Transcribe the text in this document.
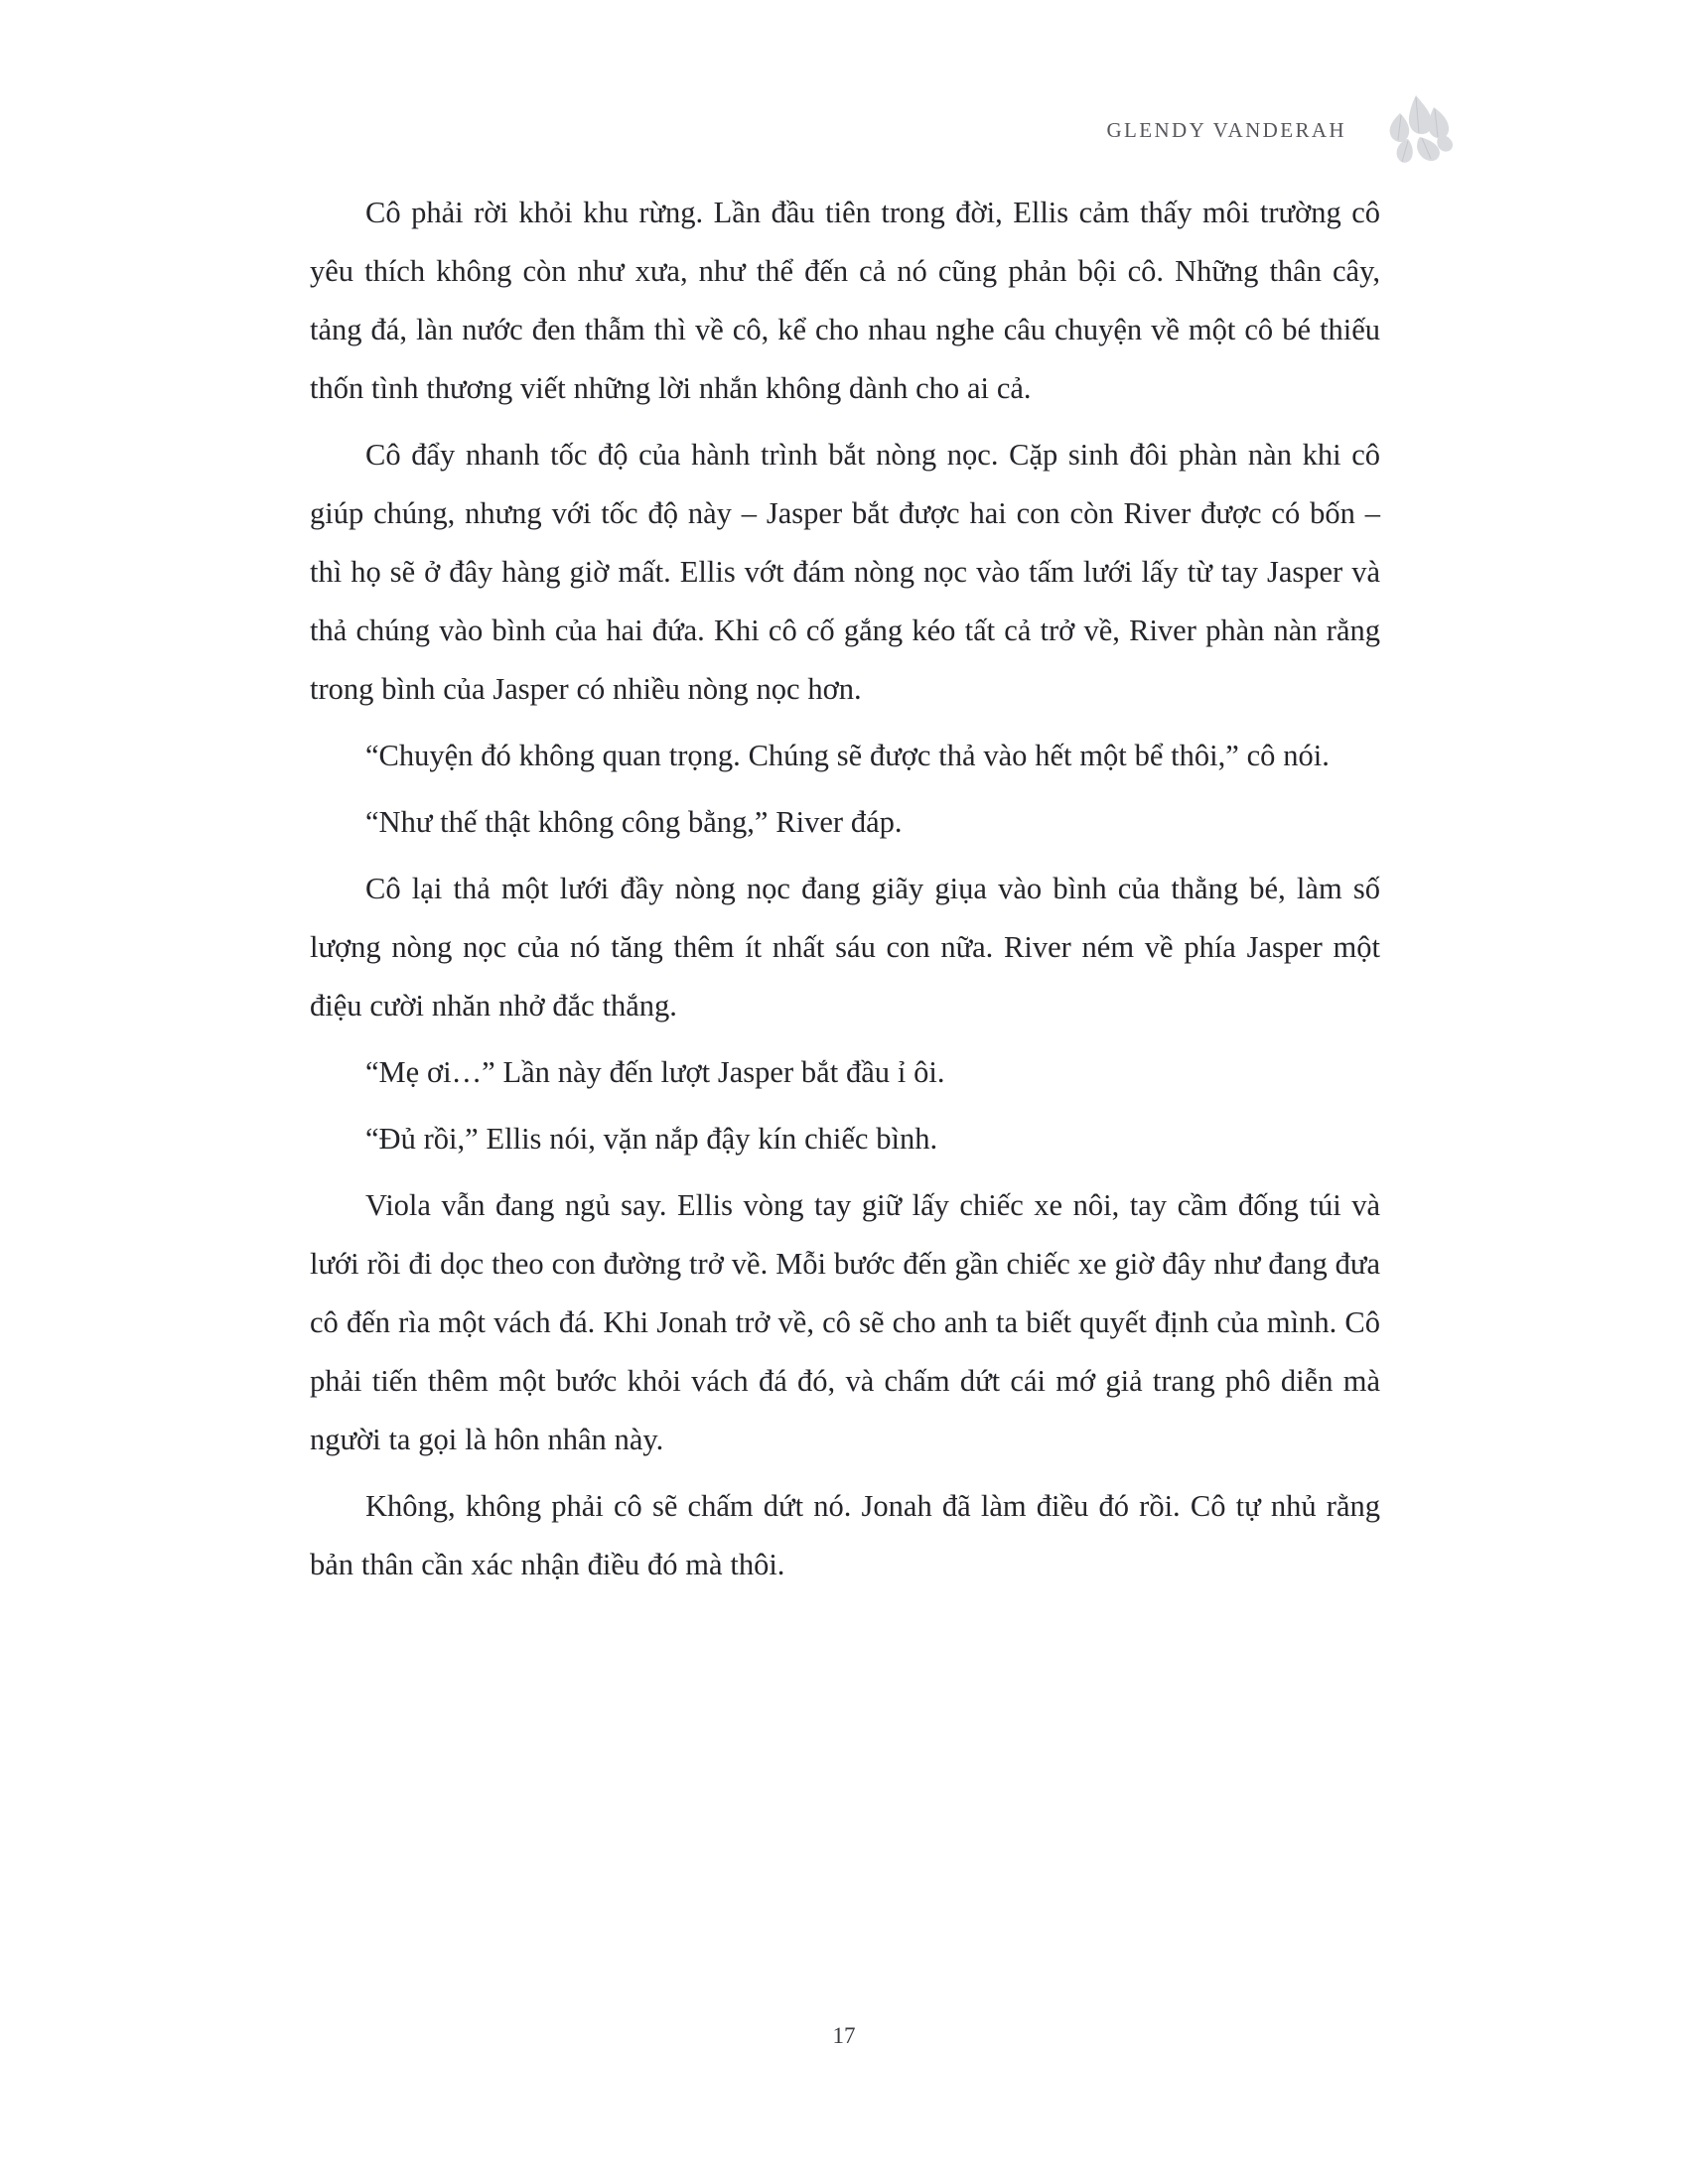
GLENDY VANDERAH

Cô phải rời khỏi khu rừng. Lần đầu tiên trong đời, Ellis cảm thấy môi trường cô yêu thích không còn như xưa, như thể đến cả nó cũng phản bội cô. Những thân cây, tảng đá, làn nước đen thẫm thì về cô, kể cho nhau nghe câu chuyện về một cô bé thiếu thốn tình thương viết những lời nhắn không dành cho ai cả.

Cô đẩy nhanh tốc độ của hành trình bắt nòng nọc. Cặp sinh đôi phàn nàn khi cô giúp chúng, nhưng với tốc độ này – Jasper bắt được hai con còn River được có bốn – thì họ sẽ ở đây hàng giờ mất. Ellis vớt đám nòng nọc vào tấm lưới lấy từ tay Jasper và thả chúng vào bình của hai đứa. Khi cô cố gắng kéo tất cả trở về, River phàn nàn rằng trong bình của Jasper có nhiều nòng nọc hơn.

“Chuyện đó không quan trọng. Chúng sẽ được thả vào hết một bể thôi,” cô nói.

“Như thế thật không công bằng,” River đáp.

Cô lại thả một lưới đầy nòng nọc đang giãy giụa vào bình của thằng bé, làm số lượng nòng nọc của nó tăng thêm ít nhất sáu con nữa. River ném về phía Jasper một điệu cười nhăn nhở đắc thắng.

“Mẹ ơi…” Lần này đến lượt Jasper bắt đầu ỉ ôi.

“Đủ rồi,” Ellis nói, vặn nắp đậy kín chiếc bình.

Viola vẫn đang ngủ say. Ellis vòng tay giữ lấy chiếc xe nôi, tay cầm đống túi và lưới rồi đi dọc theo con đường trở về. Mỗi bước đến gần chiếc xe giờ đây như đang đưa cô đến rìa một vách đá. Khi Jonah trở về, cô sẽ cho anh ta biết quyết định của mình. Cô phải tiến thêm một bước khỏi vách đá đó, và chấm dứt cái mớ giả trang phô diễn mà người ta gọi là hôn nhân này.

Không, không phải cô sẽ chấm dứt nó. Jonah đã làm điều đó rồi. Cô tự nhủ rằng bản thân cần xác nhận điều đó mà thôi.

17
